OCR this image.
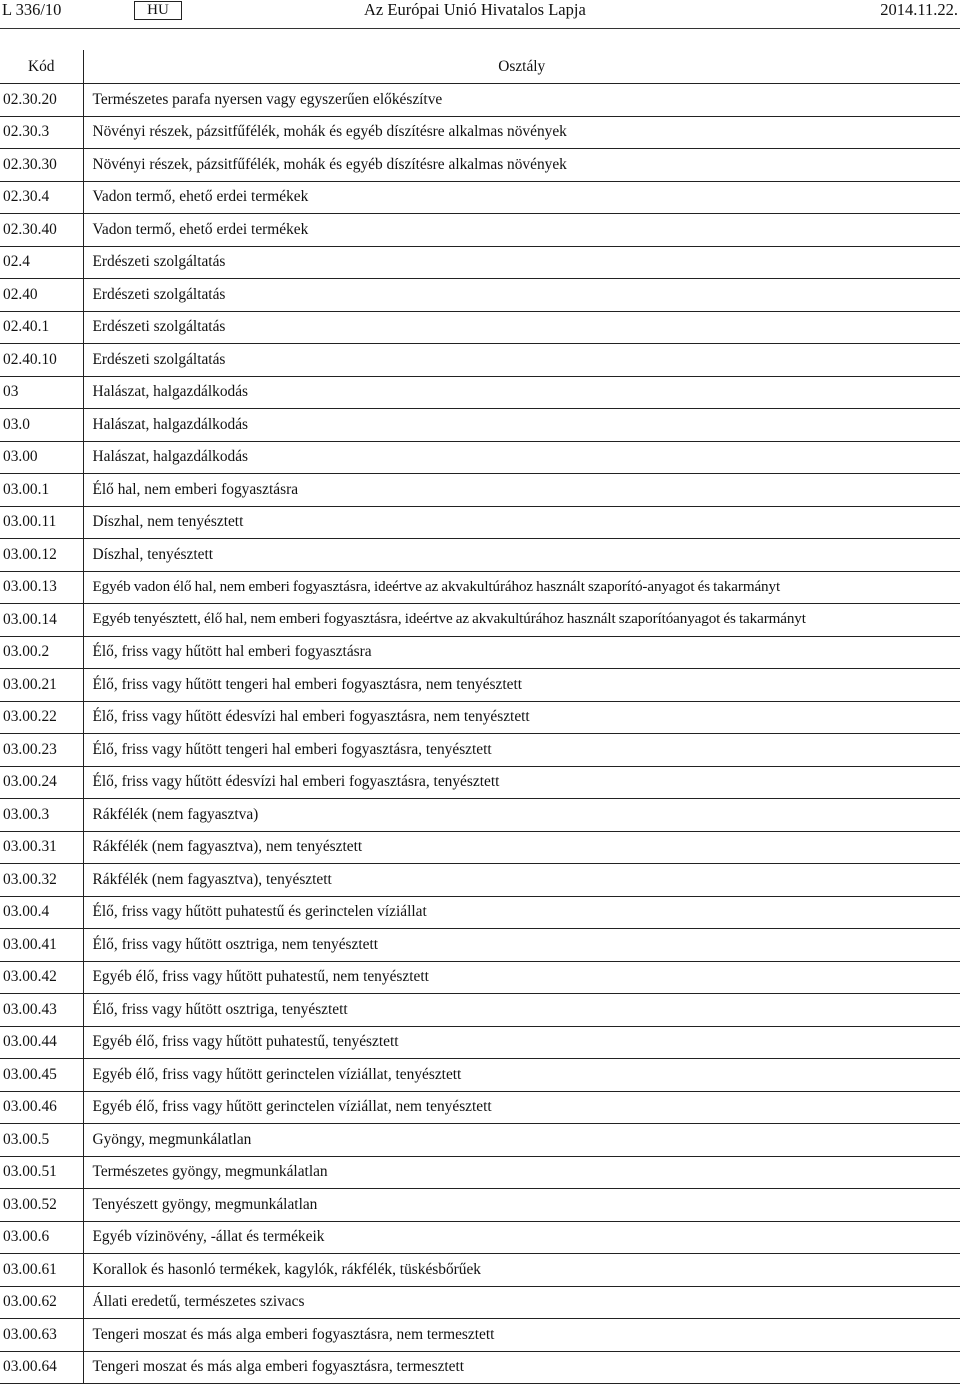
L 336/10	HU	Az Európai Unió Hivatalos Lapja	2014.11.22.
Kód	Osztály
02.30.20	Természetes parafa nyersen vagy egyszerűen előkészítve
02.30.3	Növényi részek, pázsitfűfélék, mohák és egyéb díszítésre alkalmas növények
02.30.30	Növényi részek, pázsitfűfélék, mohák és egyéb díszítésre alkalmas növények
02.30.4	Vadon termő, ehető erdei termékek
02.30.40	Vadon termő, ehető erdei termékek
02.4	Erdészeti szolgáltatás
02.40	Erdészeti szolgáltatás
02.40.1	Erdészeti szolgáltatás
02.40.10	Erdészeti szolgáltatás
03	Halászat, halgazdálkodás
03.0	Halászat, halgazdálkodás
03.00	Halászat, halgazdálkodás
03.00.1	Élő hal, nem emberi fogyasztásra
03.00.11	Díszhal, nem tenyésztett
03.00.12	Díszhal, tenyésztett
03.00.13	Egyéb vadon élő hal, nem emberi fogyasztásra, ideértve az akvakultúrához használt szaporító-anyagot és takarmányt
03.00.14	Egyéb tenyésztett, élő hal, nem emberi fogyasztásra, ideértve az akvakultúrához használt szaporítóanyagot és takarmányt
03.00.2	Élő, friss vagy hűtött hal emberi fogyasztásra
03.00.21	Élő, friss vagy hűtött tengeri hal emberi fogyasztásra, nem tenyésztett
03.00.22	Élő, friss vagy hűtött édesvízi hal emberi fogyasztásra, nem tenyésztett
03.00.23	Élő, friss vagy hűtött tengeri hal emberi fogyasztásra, tenyésztett
03.00.24	Élő, friss vagy hűtött édesvízi hal emberi fogyasztásra, tenyésztett
03.00.3	Rákfélék (nem fagyasztva)
03.00.31	Rákfélék (nem fagyasztva), nem tenyésztett
03.00.32	Rákfélék (nem fagyasztva), tenyésztett
03.00.4	Élő, friss vagy hűtött puhatestű és gerinctelen víziállat
03.00.41	Élő, friss vagy hűtött osztriga, nem tenyésztett
03.00.42	Egyéb élő, friss vagy hűtött puhatestű, nem tenyésztett
03.00.43	Élő, friss vagy hűtött osztriga, tenyésztett
03.00.44	Egyéb élő, friss vagy hűtött puhatestű, tenyésztett
03.00.45	Egyéb élő, friss vagy hűtött gerinctelen víziállat, tenyésztett
03.00.46	Egyéb élő, friss vagy hűtött gerinctelen víziállat, nem tenyésztett
03.00.5	Gyöngy, megmunkálatlan
03.00.51	Természetes gyöngy, megmunkálatlan
03.00.52	Tenyészett gyöngy, megmunkálatlan
03.00.6	Egyéb vízinövény, -állat és termékeik
03.00.61	Korallok és hasonló termékek, kagylók, rákfélék, tüskésbőrűek
03.00.62	Állati eredetű, természetes szivacs
03.00.63	Tengeri moszat és más alga emberi fogyasztásra, nem termesztett
03.00.64	Tengeri moszat és más alga emberi fogyasztásra, termesztett
